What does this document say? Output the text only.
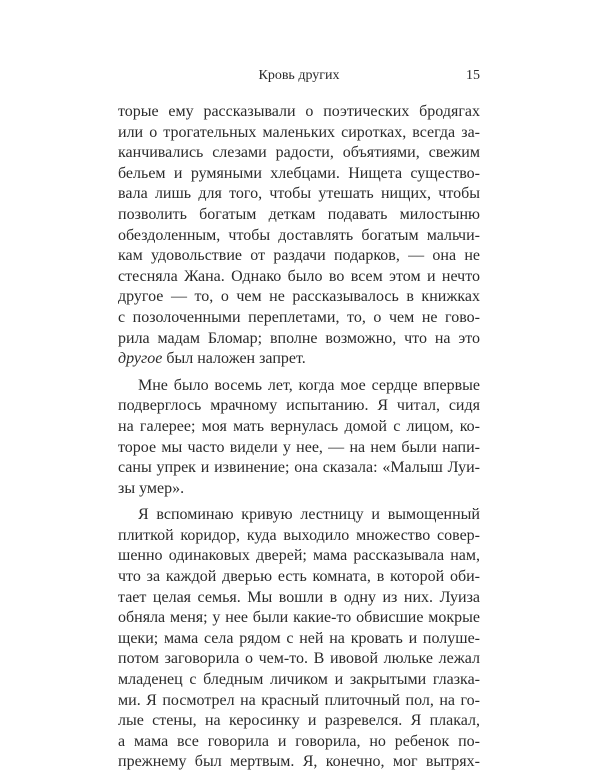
Кровь других	15
торые ему рассказывали о поэтических бродягах
или о трогательных маленьких сиротках, всегда за-
канчивались слезами радости, объятиями, свежим
бельем и румяными хлебцами. Нищета существо-
вала лишь для того, чтобы утешать нищих, чтобы
позволить богатым деткам подавать милостыню
обездоленным, чтобы доставлять богатым мальчи-
кам удовольствие от раздачи подарков, — она не
стесняла Жана. Однако было во всем этом и нечто
другое — то, о чем не рассказывалось в книжках
с позолоченными переплетами, то, о чем не гово-
рила мадам Бломар; вполне возможно, что на это
другое был наложен запрет.
Мне было восемь лет, когда мое сердце впервые
подверглось мрачному испытанию. Я читал, сидя
на галерее; моя мать вернулась домой с лицом, ко-
торое мы часто видели у нее, — на нем были напи-
саны упрек и извинение; она сказала: «Малыш Луи-
зы умер».
Я вспоминаю кривую лестницу и вымощенный
плиткой коридор, куда выходило множество совер-
шенно одинаковых дверей; мама рассказывала нам,
что за каждой дверью есть комната, в которой оби-
тает целая семья. Мы вошли в одну из них. Луиза
обняла меня; у нее были какие-то обвисшие мокрые
щеки; мама села рядом с ней на кровать и полуше-
потом заговорила о чем-то. В ивовой люльке лежал
младенец с бледным личиком и закрытыми глазка-
ми. Я посмотрел на красный плиточный пол, на го-
лые стены, на керосинку и разревелся. Я плакал,
а мама все говорила и говорила, но ребенок по-
прежнему был мертвым. Я, конечно, мог вытрях-
